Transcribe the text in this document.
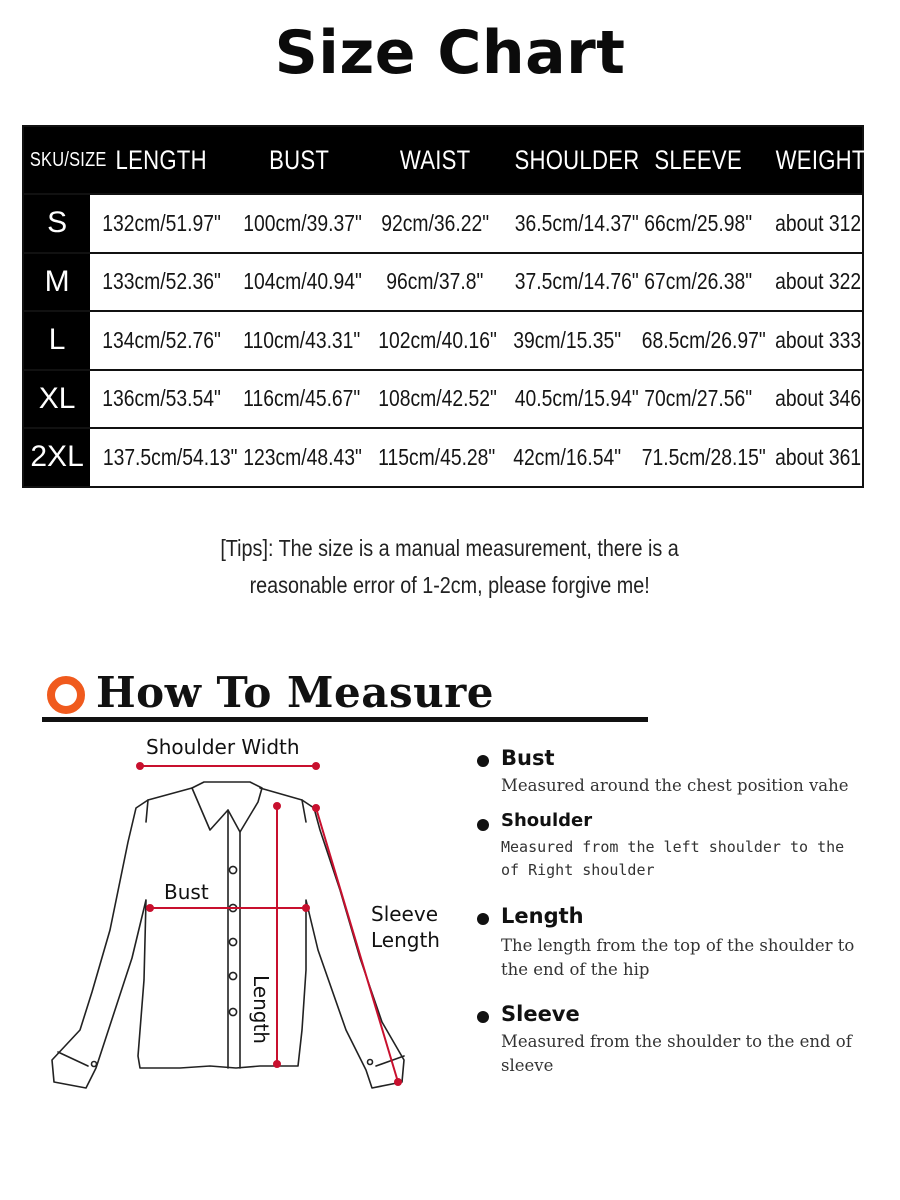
Size Chart
SKU/SIZE	LENGTH	BUST	WAIST	SHOULDER	SLEEVE	WEIGHT (G)
S	132cm/51.97"	100cm/39.37"	92cm/36.22"	36.5cm/14.37"	66cm/25.98"	about 312
M	133cm/52.36"	104cm/40.94"	96cm/37.8"	37.5cm/14.76"	67cm/26.38"	about 322
L	134cm/52.76"	110cm/43.31"	102cm/40.16"	39cm/15.35"	68.5cm/26.97"	about 333
XL	136cm/53.54"	116cm/45.67"	108cm/42.52"	40.5cm/15.94"	70cm/27.56"	about 346
2XL	137.5cm/54.13"	123cm/48.43"	115cm/45.28"	42cm/16.54"	71.5cm/28.15"	about 361
[Tips]: The size is a manual measurement, there is a
reasonable error of 1-2cm, please forgive me!
How To Measure
Shoulder Width
Bust
Sleeve
Length
Length
Bust
Measured around the chest position vahe
Shoulder
Measured from the left shoulder to the of Right shoulder
Length
The length from the top of the shoulder to the end of the hip
Sleeve
Measured from the shoulder to the end of sleeve
